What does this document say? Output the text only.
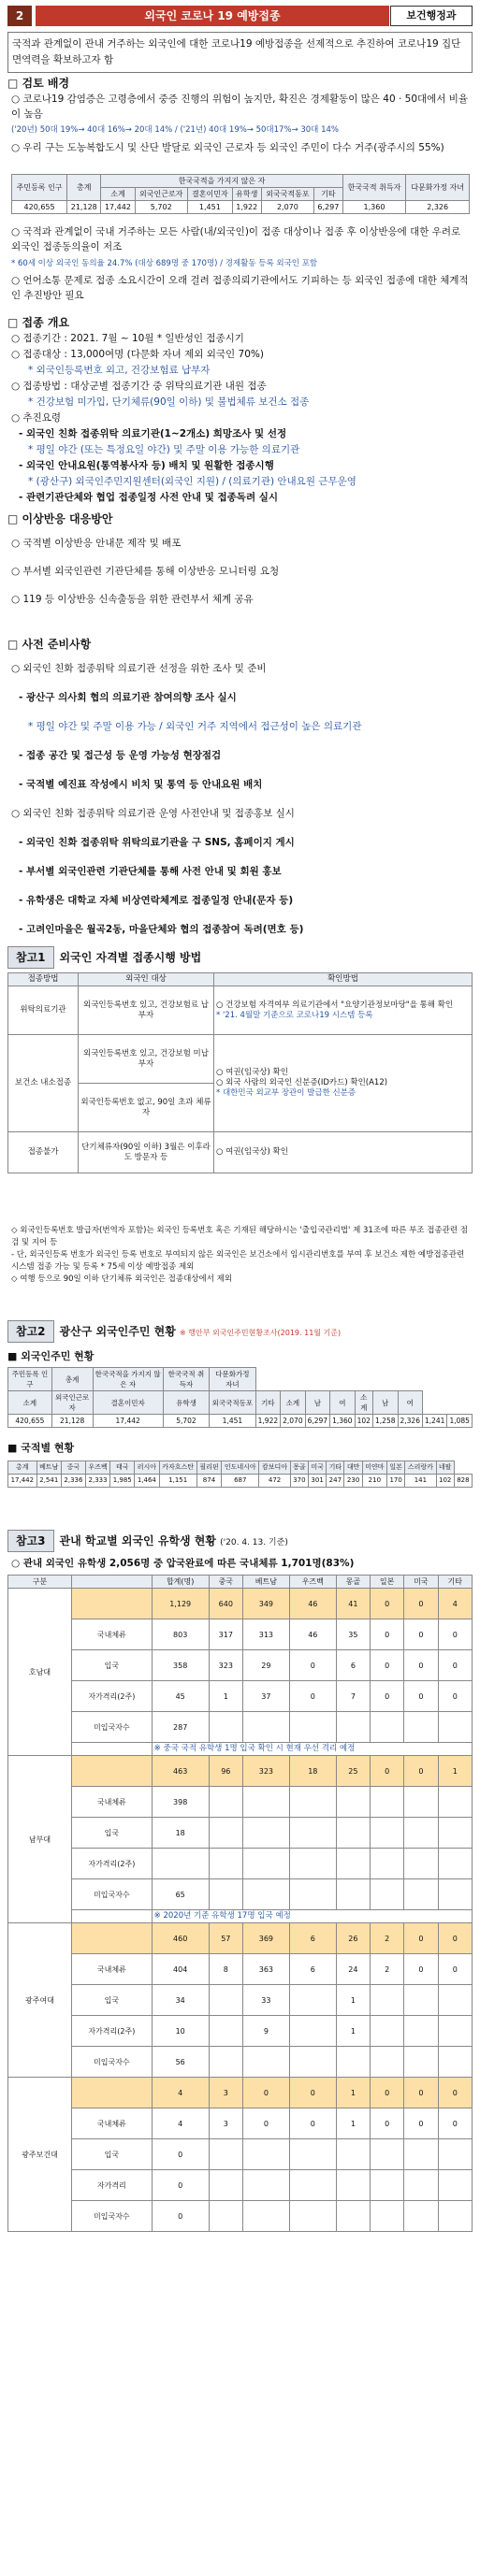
2	외국인 코로나 19 예방접종	보건행정과
국적과 관계없이 관내 거주하는 외국인에 대한 코로나19 예방접종을 선제적으로 추진하여 코로나19 집단면역력을 확보하고자 함
□ 검토 배경
○ 코로나19 감염증은 고령층에서 중증 진행의 위험이 높지만, 확진은 경제활동이 많은 40 · 50대에서 비율이 높음
('20년) 50대 19%→ 40대 16%→ 20대 14% / ('21년) 40대 19%→ 50대17%→ 30대 14%
○ 우리 구는 도농복합도시 및 산단 발달로 외국인 근로자 등 외국인 주민이 다수 거주(광주시의 55%)
주민등록 인구	총계	한국국적을 가지지 않은 자						한국국적 취득자	다문화가정 자녀
		소계	외국인근로자	결혼이민자	유학생	외국국적동포	기타		
420,655	21,128	17,442	5,702	1,451	1,922	2,070	6,297	1,360	2,326
○ 국적과 관계없이 국내 거주하는 모든 사람(내/외국인)이 접종 대상이나 접종 후 이상반응에 대한 우려로 외국인 접종동의율이 저조
* 60세 이상 외국인 동의율 24.7% (대상 689명 중 170명) / 경제활동 등록 외국인 포함
○ 언어소통 문제로 접종 소요시간이 오래 걸려 접종의뢰기관에서도 기피하는 등 외국인 접종에 대한 체계적인 추진방안 필요
□ 접종 개요
○ 접종기간 : 2021. 7월 ~ 10월 * 일반성인 접종시기
○ 접종대상 : 13,000여명 (다문화 자녀 제외 외국인 70%)
* 외국인등록번호 외고, 건강보험료 납부자
○ 접종방법 : 대상군별 접종기간 중 위탁의료기관 내원 접종
* 건강보험 미가입, 단기체류(90일 이하) 및 불법체류 보건소 접종
○ 추진요령
- 외국인 친화 접종위탁 의료기관(1~2개소) 희망조사 및 선정
* 평일 야간 (또는 특정요일 야간) 및 주말 이용 가능한 의료기관
- 외국인 안내요원(통역봉사자 등) 배치 및 원활한 접종시행
* (광산구) 외국인주민지원센터(외국인 지원) / (의료기관) 안내요원 근무운영
- 관련기관단체와 협업 접종일정 사전 안내 및 접종독려 실시
□ 이상반응 대응방안
○ 국적별 이상반응 안내문 제작 및 배포
○ 부서별 외국인관련 기관단체를 통해 이상반응 모니터링 요청
○ 119 등 이상반응 신속출동을 위한 관련부서 체계 공유
□ 사전 준비사항
○ 외국인 친화 접종위탁 의료기관 선정을 위한 조사 및 준비
- 광산구 의사회 협의 의료기관 참여의향 조사 실시
* 평일 야간 및 주말 이용 가능 / 외국인 거주 지역에서 접근성이 높은 의료기관
- 접종 공간 및 접근성 등 운영 가능성 현장점검
- 국적별 예진표 작성에시 비치 및 통역 등 안내요원 배치
○ 외국인 친화 접종위탁 의료기관 운영 사전안내 및 접종홍보 실시
- 외국인 친화 접종위탁 위탁의료기관을 구 SNS, 홈페이지 게시
- 부서별 외국인관련 기관단체를 통해 사전 안내 및 회원 홍보
- 유학생은 대학교 자체 비상연락체계로 접종일정 안내(문자 등)
- 고려인마을은 월곡2동, 마을단체와 협의 접종참여 독려(면호 등)
참고1 외국인 자격별 접종시행 방법
접종방법	외국인 대상	확인방법
위탁의료기관	외국인등록번호 있고, 건강보험료 납부자	○ 건강보험 자격여부 의료기관에서 "요양기관정보마당"을 통해 확인
* '21. 4월말 기준으로 코로나19 시스템 등록

보건소 내소접종	외국인등록번호 있고, 건강보험 미납부자	○ 여권(임국상) 확인
○ 외국 사람의 외국인 신분증(ID카드) 확인(A12)
* 대한민국 외교부 장관이 발급한 신분증

	외국인등록번호 없고, 90일 초과 체류자	
접종불가	단기체류자(90일 이하) 3월은 이후라도 방문자 등	○ 여권(임국상) 확인
◇ 외국인등록번호 발급자(번역자 포함)는 외국인 등록번호 혹은 기재된 해당하시는 '출입국관리법' 제 31조에 따른 부조 접종관련 점검 및 지어 등
- 단, 외국인등록 번호가 외국인 등록 번호로 부여되지 않은 외국인은 보건소에서 임시관리번호를 부여 후 보건소 제한 예방접종관련시스템 접종 가능 및 등록 * 75세 이상 예방접종 제외
◇ 여행 등으로 90일 이하 단기체류 외국인은 접종대상에서 제외
참고2 광산구 외국인주민 현황 ※ 행안부 외국인주민현황조사(2019. 11월 기준)
■ 외국인주민 현황
주민등록 인구	총계	한국국적을 가지지 않은 자	한국국적 취득자	다문화가정 자녀									
소계	외국인근로자	결혼이민자	유학생	외국국적동포	기타	소계	남	여	소계	남	여		
420,655	21,128	17,442	5,702	1,451	1,922	2,070	6,297	1,360	102	1,258	2,326	1,241	1,085
■ 국적별 현황
총계	베트남	중국	우즈벡	태국	러시아	카자흐스탄	필리핀	인도네시아	캄보디아	몽골	미국	기타	대만	미얀마	일본	스리랑카	네팔	
17,442	2,541	2,336	2,333	1,985	1,464	1,151	874	687	472	370	301	247	230	210	170	141	102	828
참고3 관내 학교별 외국인 유학생 현황 ('20. 4. 13. 기준)
○ 관내 외국인 유학생 2,056명 중 압국완료에 따른 국내체류 1,701명(83%)
구분		합계(명)	중국	베트남	우즈벡	몽골	일본	미국	기타
호남대		1,129	640	349	46	41	0	0	4
	국내체류	803	317	313	46	35	0	0	0
	입국	358	323	29	0	6	0	0	0
	자가격리(2주)	45	1	37	0	7	0	0	0
	미입국자수	287							
		※ 중국 국적 유학생 1명 입국 확인 시 현재 우선 격리 예정							
남부대		463	96	323	18	25	0	0	1
	국내체류	398							
	입국	18							
	자가격리(2주)								
	미입국자수	65							
		※ 2020년 기준 유학생 17명 입국 예정							
광주여대		460	57	369	6	26	2	0	0
	국내체류	404	8	363	6	24	2	0	0
	입국	34		33		1			
	자가격리(2주)	10		9		1			
	미입국자수	56							
광주보건대		4	3	0	0	1	0	0	0
	국내체류	4	3	0	0	1	0	0	0
	입국	0							
	자가격리	0							
	미입국자수	0							
